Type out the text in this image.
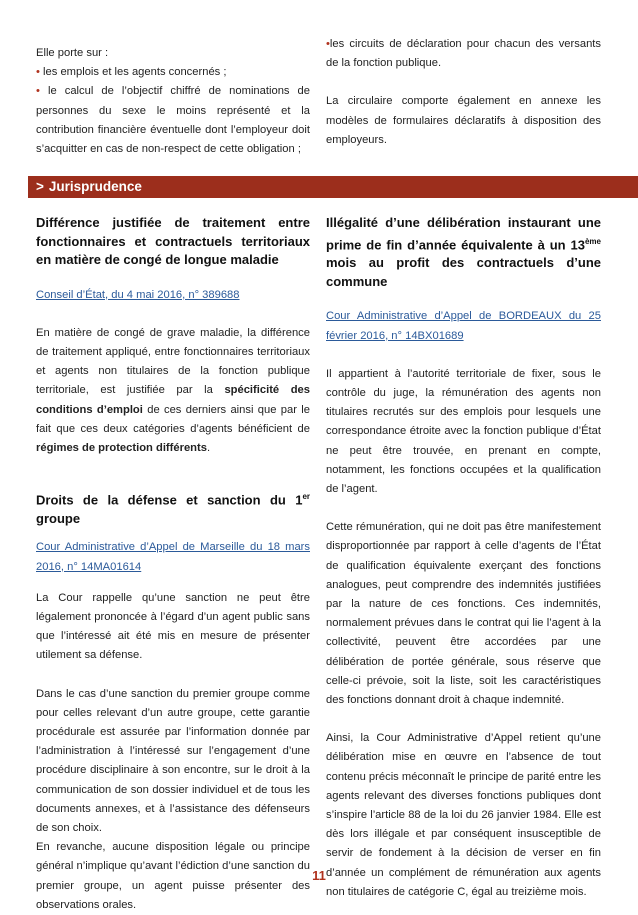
Elle porte sur :

• les emplois et les agents concernés ;

• le calcul de l’objectif chiffré de nominations de personnes du sexe le moins représenté et la contribution financière éventuelle dont l’employeur doit s’acquitter en cas de non-respect de cette obligation ;

•les circuits de déclaration pour chacun des versants de la fonction publique.

La circulaire comporte également en annexe les modèles de formulaires déclaratifs à disposition des employeurs.

> Jurisprudence

Différence justifiée de traitement entre fonctionnaires et contractuels territoriaux en matière de congé de longue maladie

Conseil d’État, du 4 mai 2016, n° 389688

En matière de congé de grave maladie, la différence de traitement appliqué, entre fonctionnaires territoriaux et agents non titulaires de la fonction publique territoriale, est justifiée par la spécificité des conditions d’emploi de ces derniers ainsi que par le fait que ces deux catégories d’agents bénéficient de régimes de protection différents.

Droits de la défense et sanction du 1er groupe

Cour Administrative d’Appel de Marseille du 18 mars 2016, n° 14MA01614

La Cour rappelle qu’une sanction ne peut être légalement prononcée à l’égard d’un agent public sans que l’intéressé ait été mis en mesure de présenter utilement sa défense.

Dans le cas d’une sanction du premier groupe comme pour celles relevant d’un autre groupe, cette garantie procédurale est assurée par l’information donnée par l’administration à l’intéressé sur l’engagement d’une procédure disciplinaire à son encontre, sur le droit à la communication de son dossier individuel et de tous les documents annexes, et à l’assistance des défenseurs de son choix.

En revanche, aucune disposition légale ou principe général n’implique qu’avant l’édiction d’une sanction du premier groupe, un agent puisse présenter des observations orales.

Illégalité d’une délibération instaurant une prime de fin d’année équivalente à un 13ème mois au profit des contractuels d’une commune

Cour Administrative d’Appel de BORDEAUX du 25 février 2016, n° 14BX01689

Il appartient à l’autorité territoriale de fixer, sous le contrôle du juge, la rémunération des agents non titulaires recrutés sur des emplois pour lesquels une correspondance étroite avec la fonction publique d’État ne peut être trouvée, en prenant en compte, notamment, les fonctions occupées et la qualification de l’agent.

Cette rémunération, qui ne doit pas être manifestement disproportionnée par rapport à celle d’agents de l’État de qualification équivalente exerçant des fonctions analogues, peut comprendre des indemnités justifiées par la nature de ces fonctions. Ces indemnités, normalement prévues dans le contrat qui lie l’agent à la collectivité, peuvent être accordées par une délibération de portée générale, sous réserve que celle-ci prévoie, soit la liste, soit les caractéristiques des fonctions donnant droit à chaque indemnité.

Ainsi, la Cour Administrative d’Appel retient qu’une délibération mise en œuvre en l’absence de tout contenu précis méconnaît le principe de parité entre les agents relevant des diverses fonctions publiques dont s’inspire l’article 88 de la loi du 26 janvier 1984. Elle est dès lors illégale et par conséquent insusceptible de servir de fondement à la décision de verser en fin d’année un complément de rémunération aux agents non titulaires de catégorie C, égal au treizième mois.

11
